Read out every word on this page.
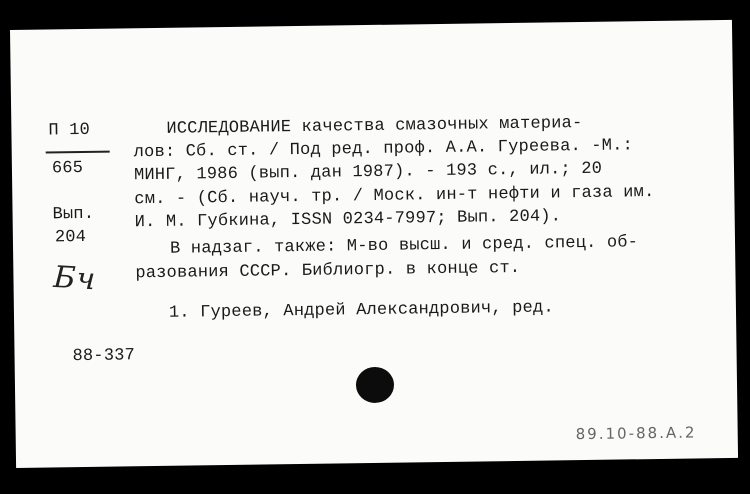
П 10
665
Вып.
204
Бч
ИССЛЕДОВАНИЕ качества смазочных материа-
лов: Сб. ст. / Под ред. проф. А.А. Гуреева. -М.:
МИНГ, 1986 (вып. дан 1987). - 193 с., ил.; 20
см. - (Сб. науч. тр. / Моск. ин-т нефти и газа им.
И. М. Губкина, ISSN 0234-7997; Вып. 204).
В надзаг. также: М-во высш. и сред. спец. об-
разования СССР. Библиогр. в конце ст.
1. Гуреев, Андрей Александрович, ред.
88-337
89.10-88.А.2
